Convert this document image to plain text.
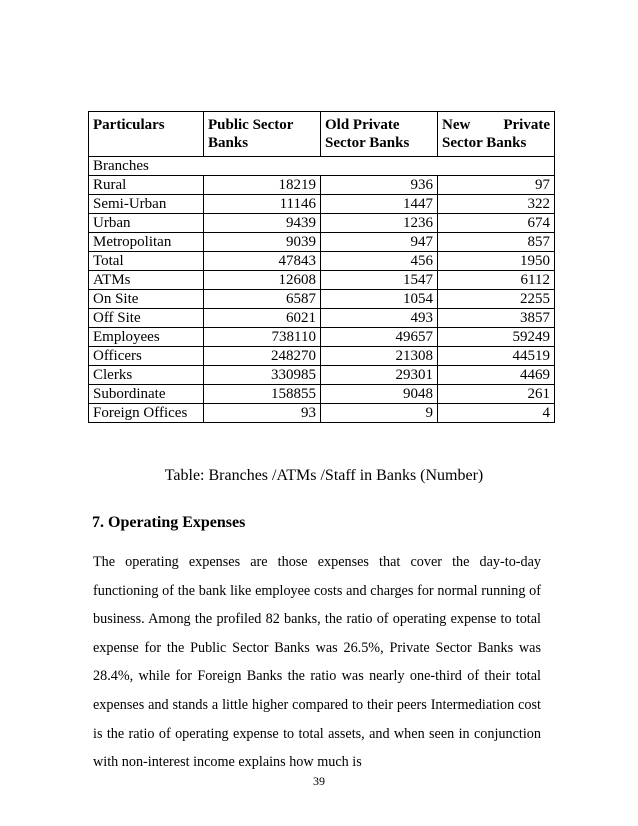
Particulars	Public Sector Banks	Old Private Sector Banks	New Private
Sector Banks

Branches			
Rural	18219	936	97
Semi-Urban	11146	1447	322
Urban	9439	1236	674
Metropolitan	9039	947	857
Total	47843	456	1950
ATMs	12608	1547	6112
On Site	6587	1054	2255
Off Site	6021	493	3857
Employees	738110	49657	59249
Officers	248270	21308	44519
Clerks	330985	29301	4469
Subordinate	158855	9048	261
Foreign Offices	93	9	4
Table: Branches /ATMs /Staff in Banks (Number)
7. Operating Expenses
The operating expenses are those expenses that cover the day-to-day functioning of the bank like employee costs and charges for normal running of business. Among the profiled 82 banks, the ratio of operating expense to total expense for the Public Sector Banks was 26.5%, Private Sector Banks was 28.4%, while for Foreign Banks the ratio was nearly one-third of their total expenses and stands a little higher compared to their peers Intermediation cost is the ratio of operating expense to total assets, and when seen in conjunction with non-interest income explains how much is
39
